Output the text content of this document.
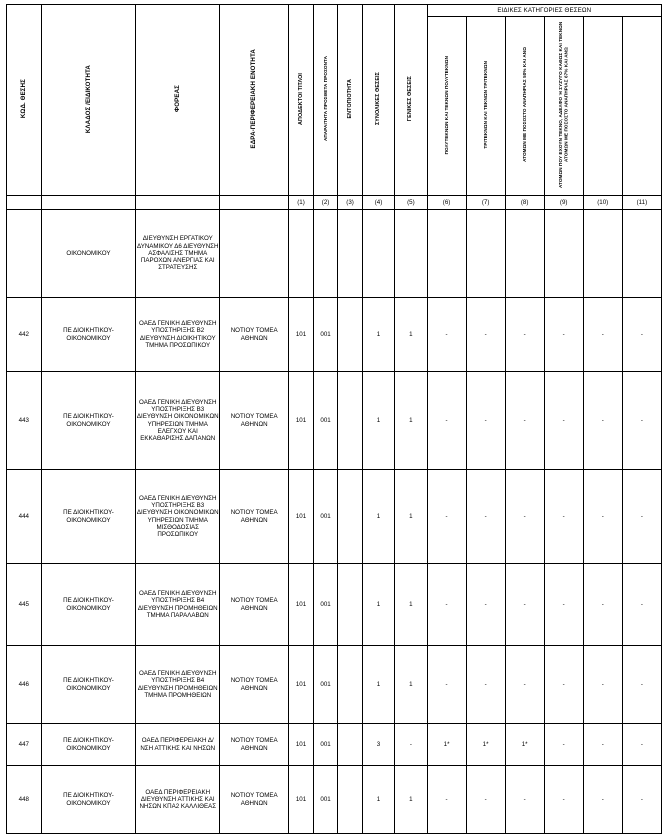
ΚΩΔ. ΘΕΣΗΣ	ΚΛΑΔΟΣ /ΕΙΔΙΚΟΤΗΤΑ	ΦΟΡΕΑΣ	ΕΔΡΑ-ΠΕΡΙΦΕΡΕΙΑΚΗ ΕΝΟΤΗΤΑ	ΑΠΟΔΕΚΤΟΙ ΤΙΤΛΟΙ	ΑΠΑΡΑΙΤΗΤΑ ΠΡΟΣΘΕΤΑ ΠΡΟΣΟΝΤΑ	ΕΝΤΟΠΙΟΤΗΤΑ	ΣΥΝΟΛΙΚΕΣ ΘΕΣΕΙΣ	ΓΕΝΙΚΕΣ ΘΕΣΕΙΣ	ΕΙΔΙΚΕΣ ΚΑΤΗΓΟΡΙΕΣ ΘΕΣΕΩΝ					
									ΠΟΛΥΤΕΚΝΩΝ ΚΑΙ ΤΕΚΝΩΝ ΠΟΛΥΤΕΚΝΩΝ	ΤΡΙΤΕΚΝΩΝ ΚΑΙ ΤΕΚΝΩΝ ΤΡΙΤΕΚΝΩΝ	ΑΤΟΜΩΝ ΜΕ ΠΟΣΟΣΤΟ ΑΝΑΠΗΡΙΑΣ 50% ΚΑΙ ΑΝΩ	ΑΤΟΜΩΝ ΠΟΥ ΕΧΟΥΝ ΤΕΚΝΟ, ΑΔΕΛΦΟ Ή ΣΥΖΥΓΟ ΚΑΘΩΣ ΚΑΙ ΤΕΚΝΩΝ ΑΤΟΜΩΝ ΜΕ ΠΟΣΟΣΤΟ ΑΝΑΠΗΡΙΑΣ 67% ΚΑΙ ΑΝΩ		
				(1)	(2)	(3)	(4)	(5)	(6)	(7)	(8)	(9)	(10)	(11)
	ΟΙΚΟΝΟΜΙΚΟΥ	ΔΙΕΥΘΥΝΣΗ ΕΡΓΑΤΙΚΟΥ ΔΥΝΑΜΙΚΟΥ Δ6 ΔΙΕΥΘΥΝΣΗ ΑΣΦΑΛΙΣΗΣ ΤΜΗΜΑ ΠΑΡΟΧΩΝ ΑΝΕΡΓΙΑΣ ΚΑΙ ΣΤΡΑΤΕΥΣΗΣ												
442	ΠΕ ΔΙΟΙΚΗΤΙΚΟΥ-ΟΙΚΟΝΟΜΙΚΟΥ	ΟΑΕΔ ΓΕΝΙΚΗ ΔΙΕΥΘΥΝΣΗ ΥΠΟΣΤΗΡΙΞΗΣ Β2 ΔΙΕΥΘΥΝΣΗ ΔΙΟΙΚΗΤΙΚΟΥ ΤΜΗΜΑ ΠΡΟΣΩΠΙΚΟΥ	ΝΟΤΙΟΥ ΤΟΜΕΑ ΑΘΗΝΩΝ	101	001		1	1	-	-	-	-	-	-
443	ΠΕ ΔΙΟΙΚΗΤΙΚΟΥ-ΟΙΚΟΝΟΜΙΚΟΥ	ΟΑΕΔ ΓΕΝΙΚΗ ΔΙΕΥΘΥΝΣΗ ΥΠΟΣΤΗΡΙΞΗΣ Β3 ΔΙΕΥΘΥΝΣΗ ΟΙΚΟΝΟΜΙΚΩΝ ΥΠΗΡΕΣΙΩΝ ΤΜΗΜΑ ΕΛΕΓΧΟΥ ΚΑΙ ΕΚΚΑΘΑΡΙΣΗΣ ΔΑΠΑΝΩΝ	ΝΟΤΙΟΥ ΤΟΜΕΑ ΑΘΗΝΩΝ	101	001		1	1	-	-	-	-	-	-
444	ΠΕ ΔΙΟΙΚΗΤΙΚΟΥ-ΟΙΚΟΝΟΜΙΚΟΥ	ΟΑΕΔ ΓΕΝΙΚΗ ΔΙΕΥΘΥΝΣΗ ΥΠΟΣΤΗΡΙΞΗΣ Β3 ΔΙΕΥΘΥΝΣΗ ΟΙΚΟΝΟΜΙΚΩΝ ΥΠΗΡΕΣΙΩΝ ΤΜΗΜΑ ΜΙΣΘΟΔΟΣΙΑΣ ΠΡΟΣΩΠΙΚΟΥ	ΝΟΤΙΟΥ ΤΟΜΕΑ ΑΘΗΝΩΝ	101	001		1	1	-	-	-	-	-	-
445	ΠΕ ΔΙΟΙΚΗΤΙΚΟΥ-ΟΙΚΟΝΟΜΙΚΟΥ	ΟΑΕΔ ΓΕΝΙΚΗ ΔΙΕΥΘΥΝΣΗ ΥΠΟΣΤΗΡΙΞΗΣ Β4 ΔΙΕΥΘΥΝΣΗ ΠΡΟΜΗΘΕΙΩΝ ΤΜΗΜΑ ΠΑΡΑΛΑΒΩΝ	ΝΟΤΙΟΥ ΤΟΜΕΑ ΑΘΗΝΩΝ	101	001		1	1	-	-	-	-	-	-
446	ΠΕ ΔΙΟΙΚΗΤΙΚΟΥ-ΟΙΚΟΝΟΜΙΚΟΥ	ΟΑΕΔ ΓΕΝΙΚΗ ΔΙΕΥΘΥΝΣΗ ΥΠΟΣΤΗΡΙΞΗΣ Β4 ΔΙΕΥΘΥΝΣΗ ΠΡΟΜΗΘΕΙΩΝ ΤΜΗΜΑ ΠΡΟΜΗΘΕΙΩΝ	ΝΟΤΙΟΥ ΤΟΜΕΑ ΑΘΗΝΩΝ	101	001		1	1	-	-	-	-	-	-
447	ΠΕ ΔΙΟΙΚΗΤΙΚΟΥ-ΟΙΚΟΝΟΜΙΚΟΥ	ΟΑΕΔ ΠΕΡΙΦΕΡΕΙΑΚΗ Δ/ΝΣΗ ΑΤΤΙΚΗΣ ΚΑΙ ΝΗΣΩΝ	ΝΟΤΙΟΥ ΤΟΜΕΑ ΑΘΗΝΩΝ	101	001		3	-	1*	1*	1*	-	-	-
448	ΠΕ ΔΙΟΙΚΗΤΙΚΟΥ-ΟΙΚΟΝΟΜΙΚΟΥ	ΟΑΕΔ ΠΕΡΙΦΕΡΕΙΑΚΗ ΔΙΕΥΘΥΝΣΗ ΑΤΤΙΚΗΣ ΚΑΙ ΝΗΣΩΝ ΚΠΑ2 ΚΑΛΛΙΘΕΑΣ	ΝΟΤΙΟΥ ΤΟΜΕΑ ΑΘΗΝΩΝ	101	001		1	1	-	-	-	-	-	-
